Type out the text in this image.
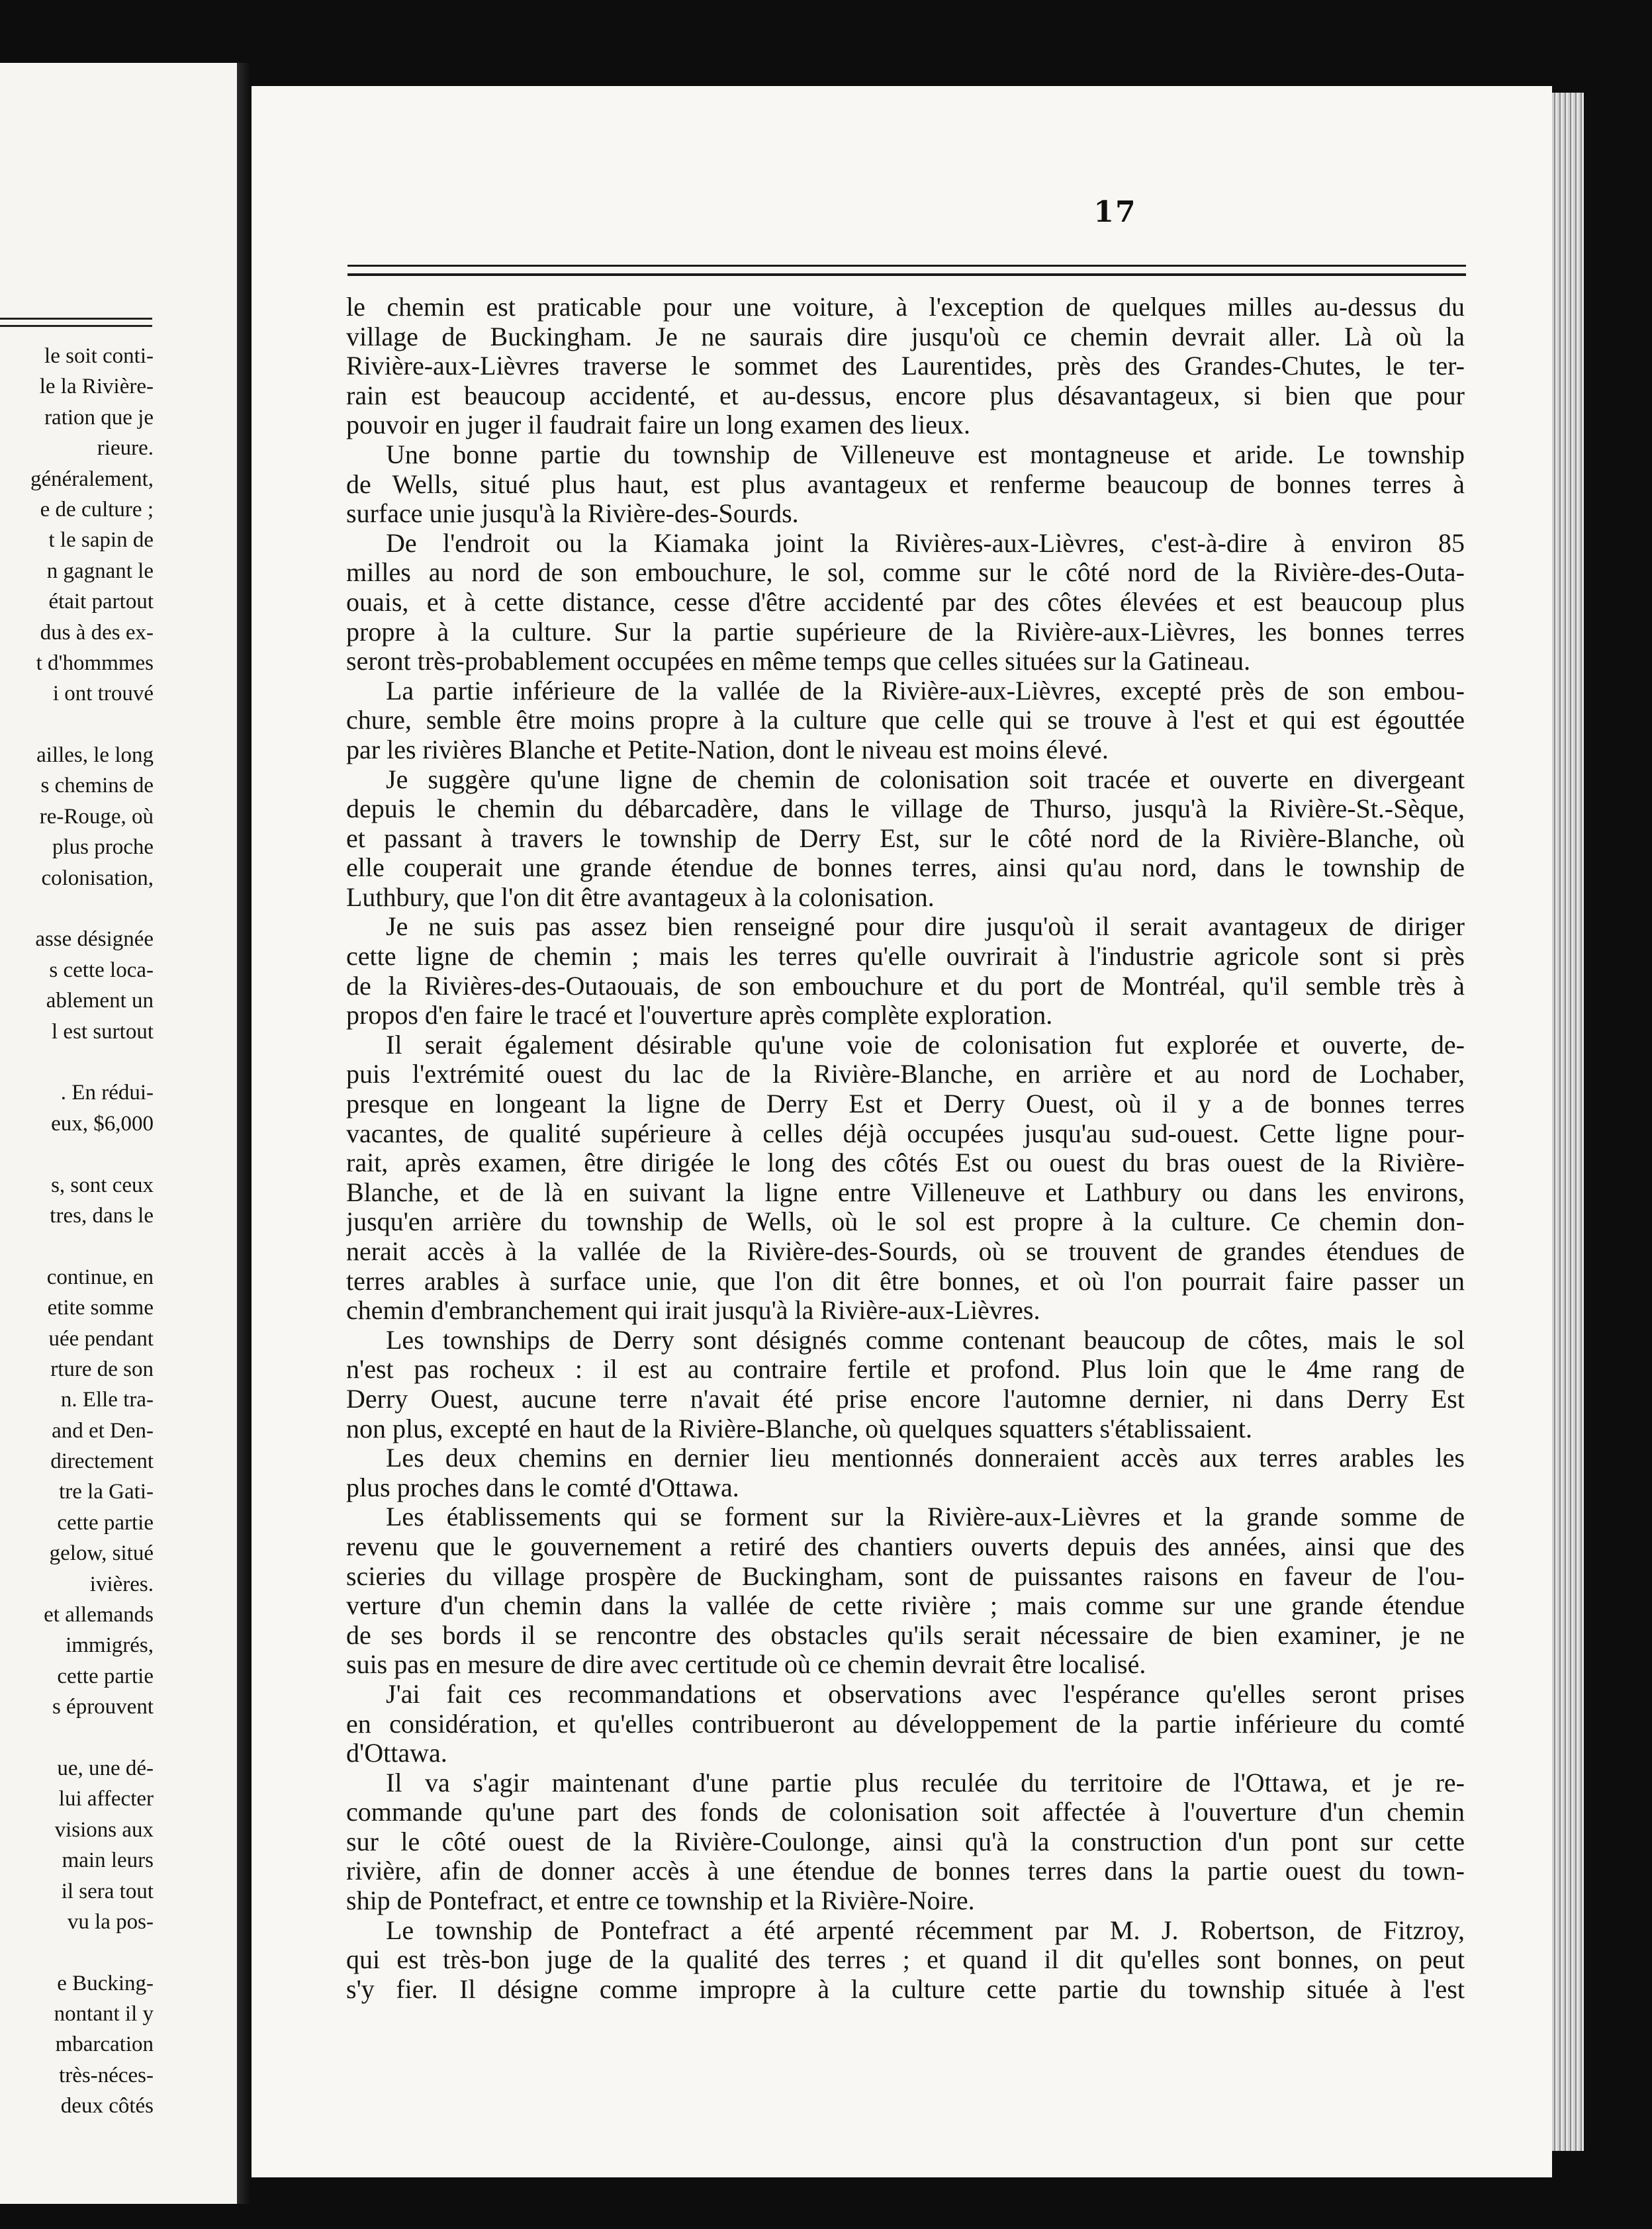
le soit conti-
le la Rivière-
ration que je
rieure.
généralement,
e de culture ;
t le sapin de
n gagnant le
était partout
dus à des ex-
t d'hommmes
i ont trouvé
ailles, le long
s chemins de
re-Rouge, où
plus proche
colonisation,
asse désignée
s cette loca-
ablement un
l est surtout
. En rédui-
eux, $6,000
s, sont ceux
tres, dans le
continue, en
etite somme
uée pendant
rture de son
n. Elle tra-
and et Den-
directement
tre la Gati-
cette partie
gelow, situé
ivières.
et allemands
immigrés,
cette partie
s éprouvent
ue, une dé-
lui affecter
visions aux
main leurs
il sera tout
vu la pos-
e Bucking-
nontant il y
mbarcation
très-néces-
deux côtés
17
le chemin est praticable pour une voiture, à l'exception de quelques milles au-dessus du
village de Buckingham. Je ne saurais dire jusqu'où ce chemin devrait aller. Là où la
Rivière-aux-Lièvres traverse le sommet des Laurentides, près des Grandes-Chutes, le ter-
rain est beaucoup accidenté, et au-dessus, encore plus désavantageux, si bien que pour
pouvoir en juger il faudrait faire un long examen des lieux.
Une bonne partie du township de Villeneuve est montagneuse et aride. Le township
de Wells, situé plus haut, est plus avantageux et renferme beaucoup de bonnes terres à
surface unie jusqu'à la Rivière-des-Sourds.
De l'endroit ou la Kiamaka joint la Rivières-aux-Lièvres, c'est-à-dire à environ 85
milles au nord de son embouchure, le sol, comme sur le côté nord de la Rivière-des-Outa-
ouais, et à cette distance, cesse d'être accidenté par des côtes élevées et est beaucoup plus
propre à la culture. Sur la partie supérieure de la Rivière-aux-Lièvres, les bonnes terres
seront très-probablement occupées en même temps que celles situées sur la Gatineau.
La partie inférieure de la vallée de la Rivière-aux-Lièvres, excepté près de son embou-
chure, semble être moins propre à la culture que celle qui se trouve à l'est et qui est égouttée
par les rivières Blanche et Petite-Nation, dont le niveau est moins élevé.
Je suggère qu'une ligne de chemin de colonisation soit tracée et ouverte en divergeant
depuis le chemin du débarcadère, dans le village de Thurso, jusqu'à la Rivière-St.-Sèque,
et passant à travers le township de Derry Est, sur le côté nord de la Rivière-Blanche, où
elle couperait une grande étendue de bonnes terres, ainsi qu'au nord, dans le township de
Luthbury, que l'on dit être avantageux à la colonisation.
Je ne suis pas assez bien renseigné pour dire jusqu'où il serait avantageux de diriger
cette ligne de chemin ; mais les terres qu'elle ouvrirait à l'industrie agricole sont si près
de la Rivières-des-Outaouais, de son embouchure et du port de Montréal, qu'il semble très à
propos d'en faire le tracé et l'ouverture après complète exploration.
Il serait également désirable qu'une voie de colonisation fut explorée et ouverte, de-
puis l'extrémité ouest du lac de la Rivière-Blanche, en arrière et au nord de Lochaber,
presque en longeant la ligne de Derry Est et Derry Ouest, où il y a de bonnes terres
vacantes, de qualité supérieure à celles déjà occupées jusqu'au sud-ouest. Cette ligne pour-
rait, après examen, être dirigée le long des côtés Est ou ouest du bras ouest de la Rivière-
Blanche, et de là en suivant la ligne entre Villeneuve et Lathbury ou dans les environs,
jusqu'en arrière du township de Wells, où le sol est propre à la culture. Ce chemin don-
nerait accès à la vallée de la Rivière-des-Sourds, où se trouvent de grandes étendues de
terres arables à surface unie, que l'on dit être bonnes, et où l'on pourrait faire passer un
chemin d'embranchement qui irait jusqu'à la Rivière-aux-Lièvres.
Les townships de Derry sont désignés comme contenant beaucoup de côtes, mais le sol
n'est pas rocheux : il est au contraire fertile et profond. Plus loin que le 4me rang de
Derry Ouest, aucune terre n'avait été prise encore l'automne dernier, ni dans Derry Est
non plus, excepté en haut de la Rivière-Blanche, où quelques squatters s'établissaient.
Les deux chemins en dernier lieu mentionnés donneraient accès aux terres arables les
plus proches dans le comté d'Ottawa.
Les établissements qui se forment sur la Rivière-aux-Lièvres et la grande somme de
revenu que le gouvernement a retiré des chantiers ouverts depuis des années, ainsi que des
scieries du village prospère de Buckingham, sont de puissantes raisons en faveur de l'ou-
verture d'un chemin dans la vallée de cette rivière ; mais comme sur une grande étendue
de ses bords il se rencontre des obstacles qu'ils serait nécessaire de bien examiner, je ne
suis pas en mesure de dire avec certitude où ce chemin devrait être localisé.
J'ai fait ces recommandations et observations avec l'espérance qu'elles seront prises
en considération, et qu'elles contribueront au développement de la partie inférieure du comté
d'Ottawa.
Il va s'agir maintenant d'une partie plus reculée du territoire de l'Ottawa, et je re-
commande qu'une part des fonds de colonisation soit affectée à l'ouverture d'un chemin
sur le côté ouest de la Rivière-Coulonge, ainsi qu'à la construction d'un pont sur cette
rivière, afin de donner accès à une étendue de bonnes terres dans la partie ouest du town-
ship de Pontefract, et entre ce township et la Rivière-Noire.
Le township de Pontefract a été arpenté récemment par M. J. Robertson, de Fitzroy,
qui est très-bon juge de la qualité des terres ; et quand il dit qu'elles sont bonnes, on peut
s'y fier. Il désigne comme impropre à la culture cette partie du township située à l'est
